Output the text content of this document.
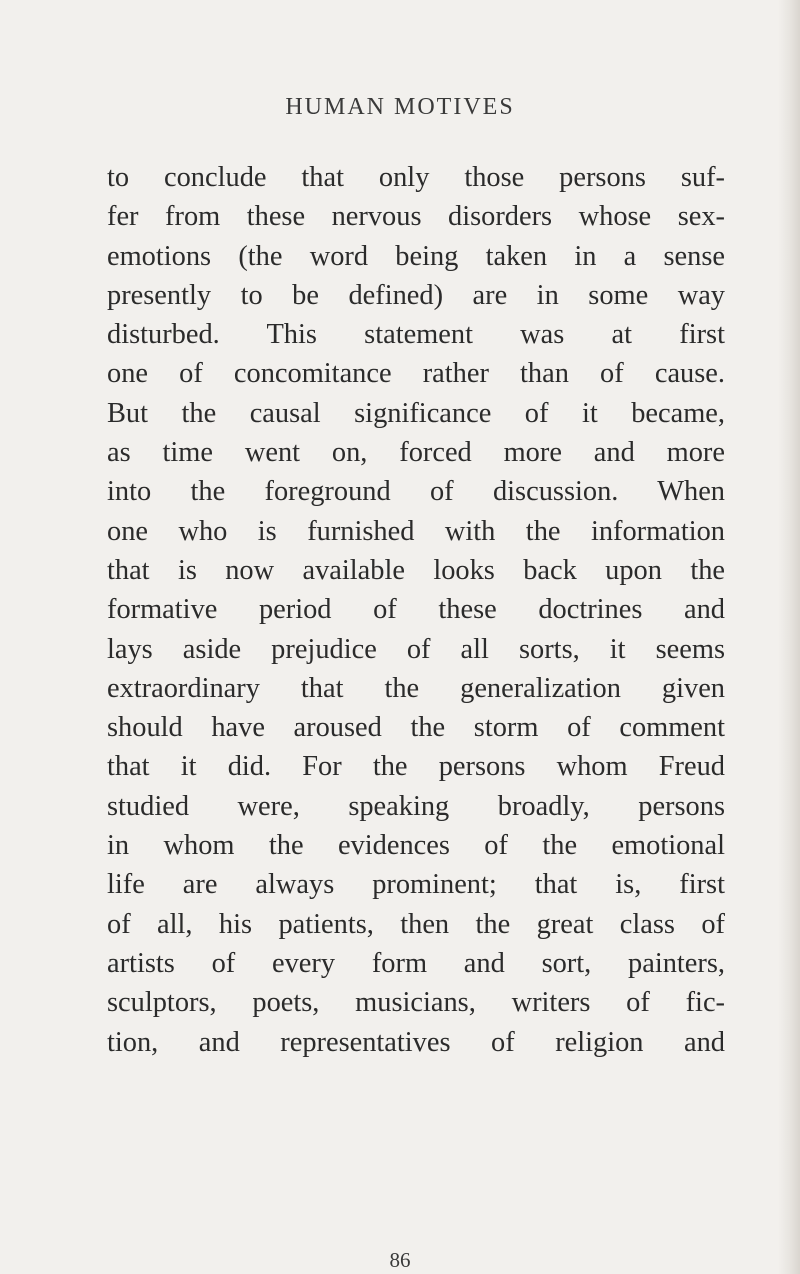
HUMAN MOTIVES
to conclude that only those persons suf-
fer from these nervous disorders whose sex-
emotions (the word being taken in a sense
presently to be defined) are in some way
disturbed. This statement was at first
one of concomitance rather than of cause.
But the causal significance of it became,
as time went on, forced more and more
into the foreground of discussion. When
one who is furnished with the information
that is now available looks back upon the
formative period of these doctrines and
lays aside prejudice of all sorts, it seems
extraordinary that the generalization given
should have aroused the storm of comment
that it did. For the persons whom Freud
studied were, speaking broadly, persons
in whom the evidences of the emotional
life are always prominent; that is, first
of all, his patients, then the great class of
artists of every form and sort, painters,
sculptors, poets, musicians, writers of fic-
tion, and representatives of religion and
86
